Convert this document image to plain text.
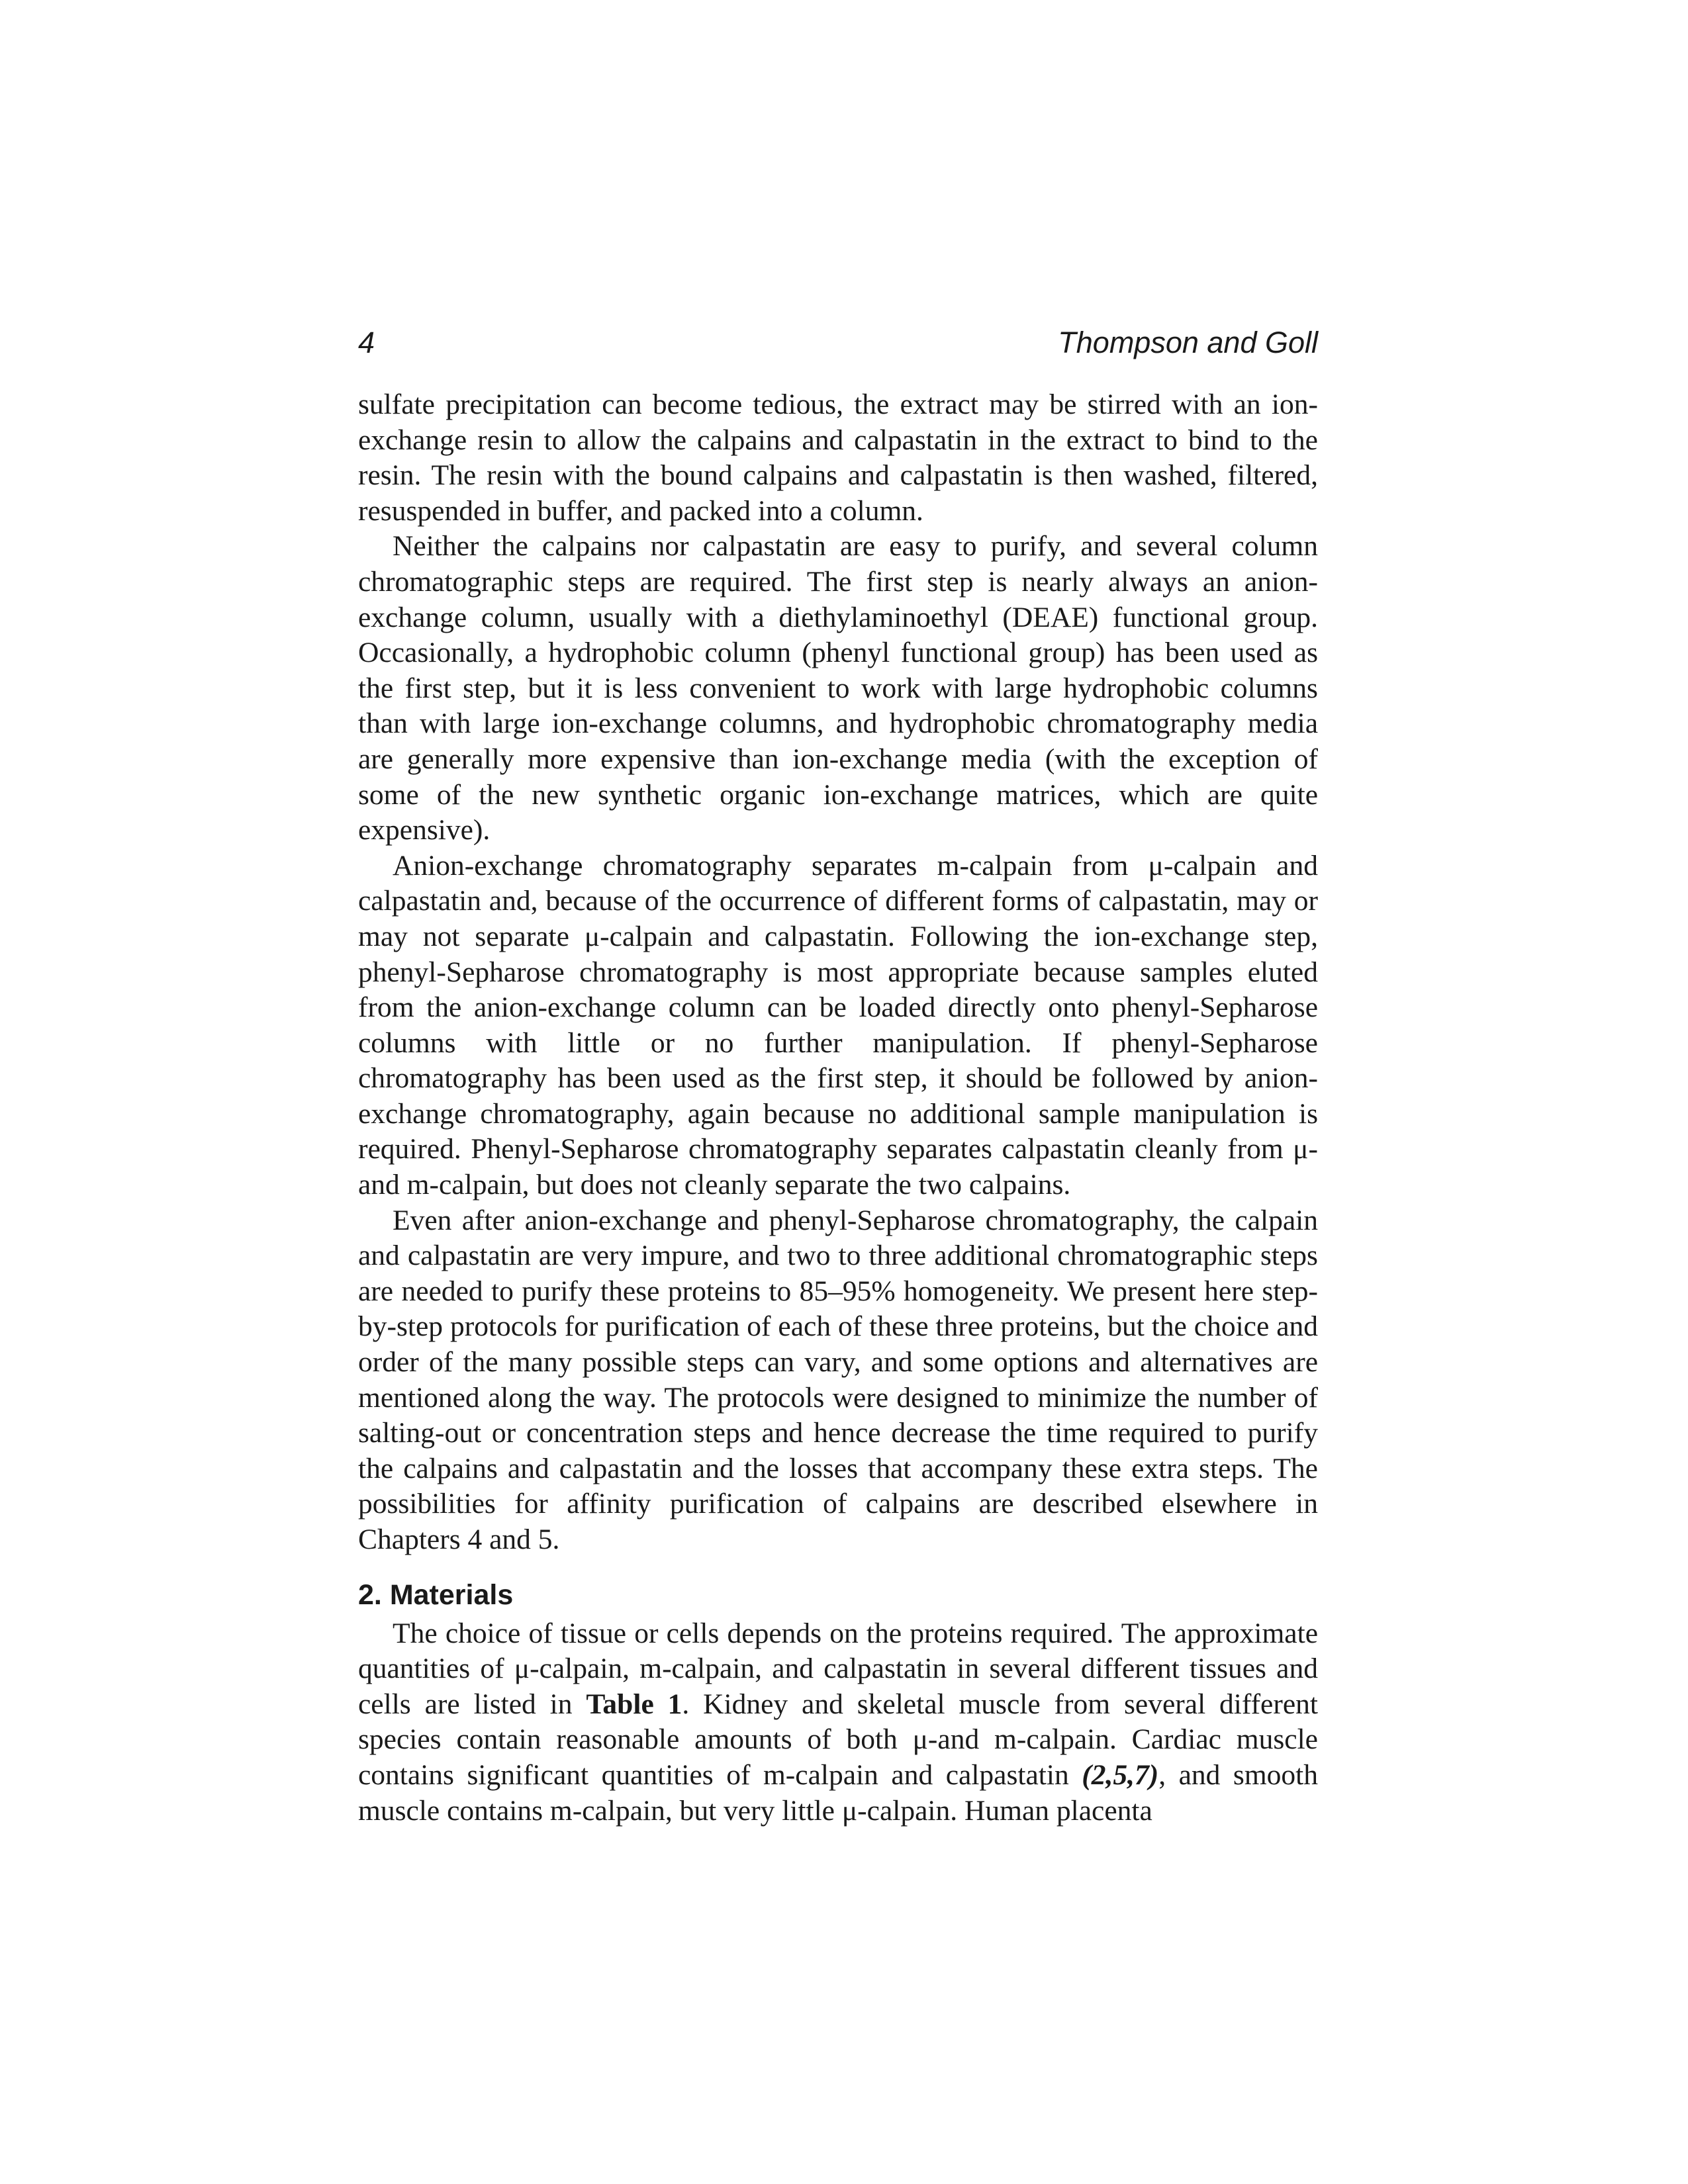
4	Thompson and Goll

sulfate precipitation can become tedious, the extract may be stirred with an ion-exchange resin to allow the calpains and calpastatin in the extract to bind to the resin. The resin with the bound calpains and calpastatin is then washed, filtered, resuspended in buffer, and packed into a column.

Neither the calpains nor calpastatin are easy to purify, and several column chromatographic steps are required. The first step is nearly always an anion-exchange column, usually with a diethylaminoethyl (DEAE) functional group. Occasionally, a hydrophobic column (phenyl functional group) has been used as the first step, but it is less convenient to work with large hydrophobic columns than with large ion-exchange columns, and hydrophobic chromatography media are generally more expensive than ion-exchange media (with the exception of some of the new synthetic organic ion-exchange matrices, which are quite expensive).

Anion-exchange chromatography separates m-calpain from μ-calpain and calpastatin and, because of the occurrence of different forms of calpastatin, may or may not separate μ-calpain and calpastatin. Following the ion-exchange step, phenyl-Sepharose chromatography is most appropriate because samples eluted from the anion-exchange column can be loaded directly onto phenyl-Sepharose columns with little or no further manipulation. If phenyl-Sepharose chromatography has been used as the first step, it should be followed by anion-exchange chromatography, again because no additional sample manipulation is required. Phenyl-Sepharose chromatography separates calpastatin cleanly from μ- and m-calpain, but does not cleanly separate the two calpains.

Even after anion-exchange and phenyl-Sepharose chromatography, the calpain and calpastatin are very impure, and two to three additional chromatographic steps are needed to purify these proteins to 85–95% homogeneity. We present here step-by-step protocols for purification of each of these three proteins, but the choice and order of the many possible steps can vary, and some options and alternatives are mentioned along the way. The protocols were designed to minimize the number of salting-out or concentration steps and hence decrease the time required to purify the calpains and calpastatin and the losses that accompany these extra steps. The possibilities for affinity purification of calpains are described elsewhere in Chapters 4 and 5.

2. Materials

The choice of tissue or cells depends on the proteins required. The approximate quantities of μ-calpain, m-calpain, and calpastatin in several different tissues and cells are listed in Table 1. Kidney and skeletal muscle from several different species contain reasonable amounts of both μ-and m-calpain. Cardiac muscle contains significant quantities of m-calpain and calpastatin (2,5,7), and smooth muscle contains m-calpain, but very little μ-calpain. Human placenta
